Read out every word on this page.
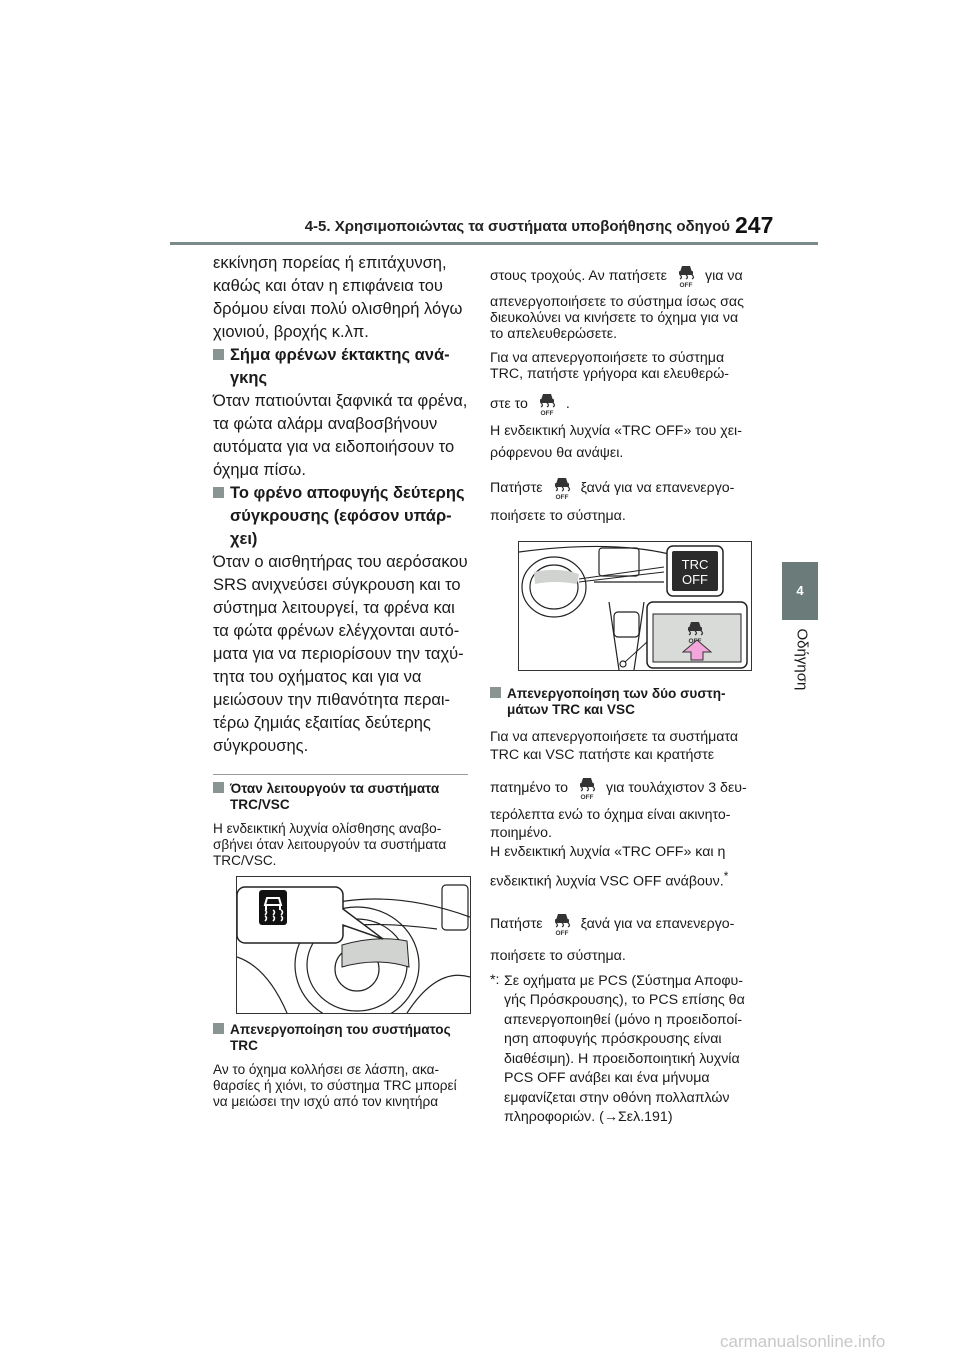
4-5. Χρησιμοποιώντας τα συστήματα υποβοήθησης οδηγού 247
4
Οδήγηση
εκκίνηση πορείας ή επιτάχυνση,
καθώς και όταν η επιφάνεια του
δρόμου είναι πολύ ολισθηρή λόγω
χιονιού, βροχής κ.λπ.
Σήμα φρένων έκτακτης ανά-
γκης
Όταν πατιούνται ξαφνικά τα φρένα,
τα φώτα αλάρμ αναβοσβήνουν
αυτόματα για να ειδοποιήσουν το
όχημα πίσω.
Το φρένο αποφυγής δεύτερης
σύγκρουσης (εφόσον υπάρ-
χει)
Όταν ο αισθητήρας του αερόσακου
SRS ανιχνεύσει σύγκρουση και το
σύστημα λειτουργεί, τα φρένα και
τα φώτα φρένων ελέγχονται αυτό-
ματα για να περιορίσουν την ταχύ-
τητα του οχήματος και για να
μειώσουν την πιθανότητα περαι-
τέρω ζημιάς εξαιτίας δεύτερης
σύγκρουσης.
Όταν λειτουργούν τα συστήματα
TRC/VSC
Η ενδεικτική λυχνία ολίσθησης αναβο-
σβήνει όταν λειτουργούν τα συστήματα
TRC/VSC.
Απενεργοποίηση του συστήματος
TRC
Αν το όχημα κολλήσει σε λάσπη, ακα-
θαρσίες ή χιόνι, το σύστημα TRC μπορεί
να μειώσει την ισχύ από τον κινητήρα
στους τροχούς. Αν πατήσετε	για να
απενεργοποιήσετε το σύστημα ίσως σας
διευκολύνει να κινήσετε το όχημα για να
το απελευθερώσετε.
Για να απενεργοποιήσετε το σύστημα
TRC, πατήστε γρήγορα και ελευθερώ-
στε το	.
Η ενδεικτική λυχνία «TRC OFF» του χει-
ρόφρενου θα ανάψει.
Πατήστε	ξανά για να επανενεργο-
ποιήσετε το σύστημα.
TRC
OFF
Απενεργοποίηση των δύο συστη-
μάτων TRC και VSC
Για να απενεργοποιήσετε τα συστήματα
TRC και VSC πατήστε και κρατήστε
πατημένο το	για τουλάχιστον 3 δευ-
τερόλεπτα ενώ το όχημα είναι ακινητο-
ποιημένο.
Η ενδεικτική λυχνία «TRC OFF» και η
ενδεικτική λυχνία VSC OFF ανάβουν.*
Πατήστε	ξανά για να επανενεργο-
ποιήσετε το σύστημα.
*: Σε οχήματα με PCS (Σύστημα Αποφυ-
γής Πρόσκρουσης), το PCS επίσης θα
απενεργοποιηθεί (μόνο η προειδοποί-
ηση αποφυγής πρόσκρουσης είναι
διαθέσιμη). Η προειδοποιητική λυχνία
PCS OFF ανάβει και ένα μήνυμα
εμφανίζεται στην οθόνη πολλαπλών
πληροφοριών. (→Σελ.191)
carmanualsonline.info
